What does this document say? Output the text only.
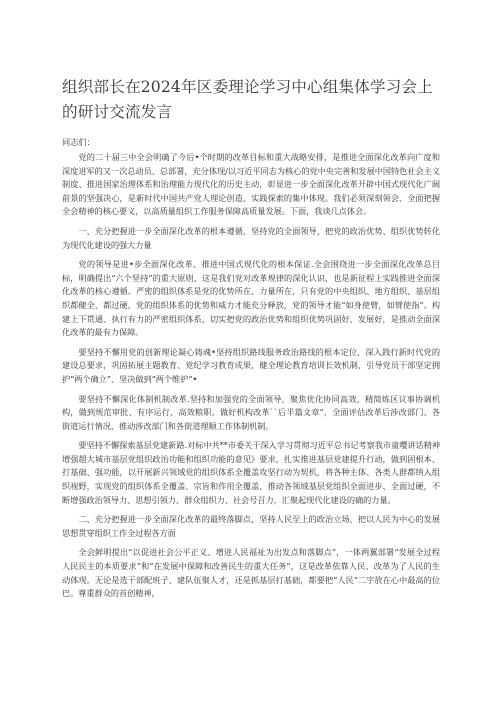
组织部长在2024年区委理论学习中心组集体学习会上的研讨交流发言

同志们：

党的二十届三中全会明确了今后•个时期的改革目标和重大战略安排，是推进全面深化改革向广度和深度进军的又一次总动员、总部署，充分体现/以习近平同志为核心的党中央完善和发展中国特色社会主义制度、推进国家治理体系和治理能力现代化的历史主动，彰显进一步全面深化改革开辟中国式现代化广阔前景的坚强决心，是新时代中国共产党人理论创造、实践探索的集中体现。我们必须深刻领会、全面把握全会精神的核心要义，以高质量组织工作服务保障高质量发展。下面，我谈几点体会。

一、充分把握进一步全面深化改革的根本遵循，坚持党的全面领导，把党的政治优势、组织优势转化为现代化建设的强大力量

党的领导是进•步全面深化改革、推进中国式现代化的根本保证.全会围绕进一步全面深化改革总目标，明确提出“六个坚持”的重大原则，这是我们党对改革规律的深化认识，也是新征程上实践推进全面深化改革的核心遵循。严密的组织体系是党的优势所在、力量所在，只有党的中央组织、地方组织、基层组织都健全、都过硬，党的组织体系的优势和威力才能充分释放，党的领导才能“如身使臂，如臂使指”。构建上下贯通、执行有力的严密组织体系，切实把党的政治优势和组织优势巩固好、发展好，是推动全面深化改革的最有力保障。

要坚持不懈用党的创新理论凝心铸魂•坚持组织路线服务政治路线的根本定位，深入践行新时代党的建设总要求，巩固拓展主题教育、党纪学习教育成果，健全理论教育培训长效机制，引导党员干部坚定拥护“两个确立”、坚决做到“两个维护”•

要坚持不懈深化体制机制改革.坚持和加强党的全面领导，聚焦优化协同高效，精简炼区议事协调机构，做到规范审批、有序运行、高效粮职。做好机构改革``后半篇文章”，全面评估改革后涉改部门、各街道运行情况，推动涉改部门和各街道理顺工作体制机制。

要坚持不懈探索基层党建新路.对标中共**市委关于深入学习贯彻习近平总书记考察我市童嘤讲话精神增强超大城市基层党组织政治功能和组织功能的意见》要求，扎实推进基层党建提升行动，做到固根本、打基础、强功能，以开展新兴领域党的组织体系全覆盖攻坚行动为契机，将各种主体、各类人群都纳入组织视野，实现党的组织体系全覆盖、宗旨和作用全覆盖，推动各领域基层党组织全面进步、全面过硬，不断增强政治领导力、思想引领力、群众组织力、社会号召力，汇聚起现代化建设的确的力量。

二、充分把握进一步全面深化改革的最终落脚点，坚持人民至上的政治立场，把以人民为中心的发展思想贯穿组织工作全过程各方面

全会鲜明提出“以促进社会公平正义、增进人民福祉为出发点和落脚点”，一体两翼部署“发展全过程人民民主的本质要求”和“在发展中保障和改善民生的重大任务”，这是改革依靠人民、改革为了人民的生动体现。无论是选干部配班子、建队伍聚人才，还是抓基层打基础，都要把“人民”二字放在心中最高的位巴。尊重群众的首创精神，
